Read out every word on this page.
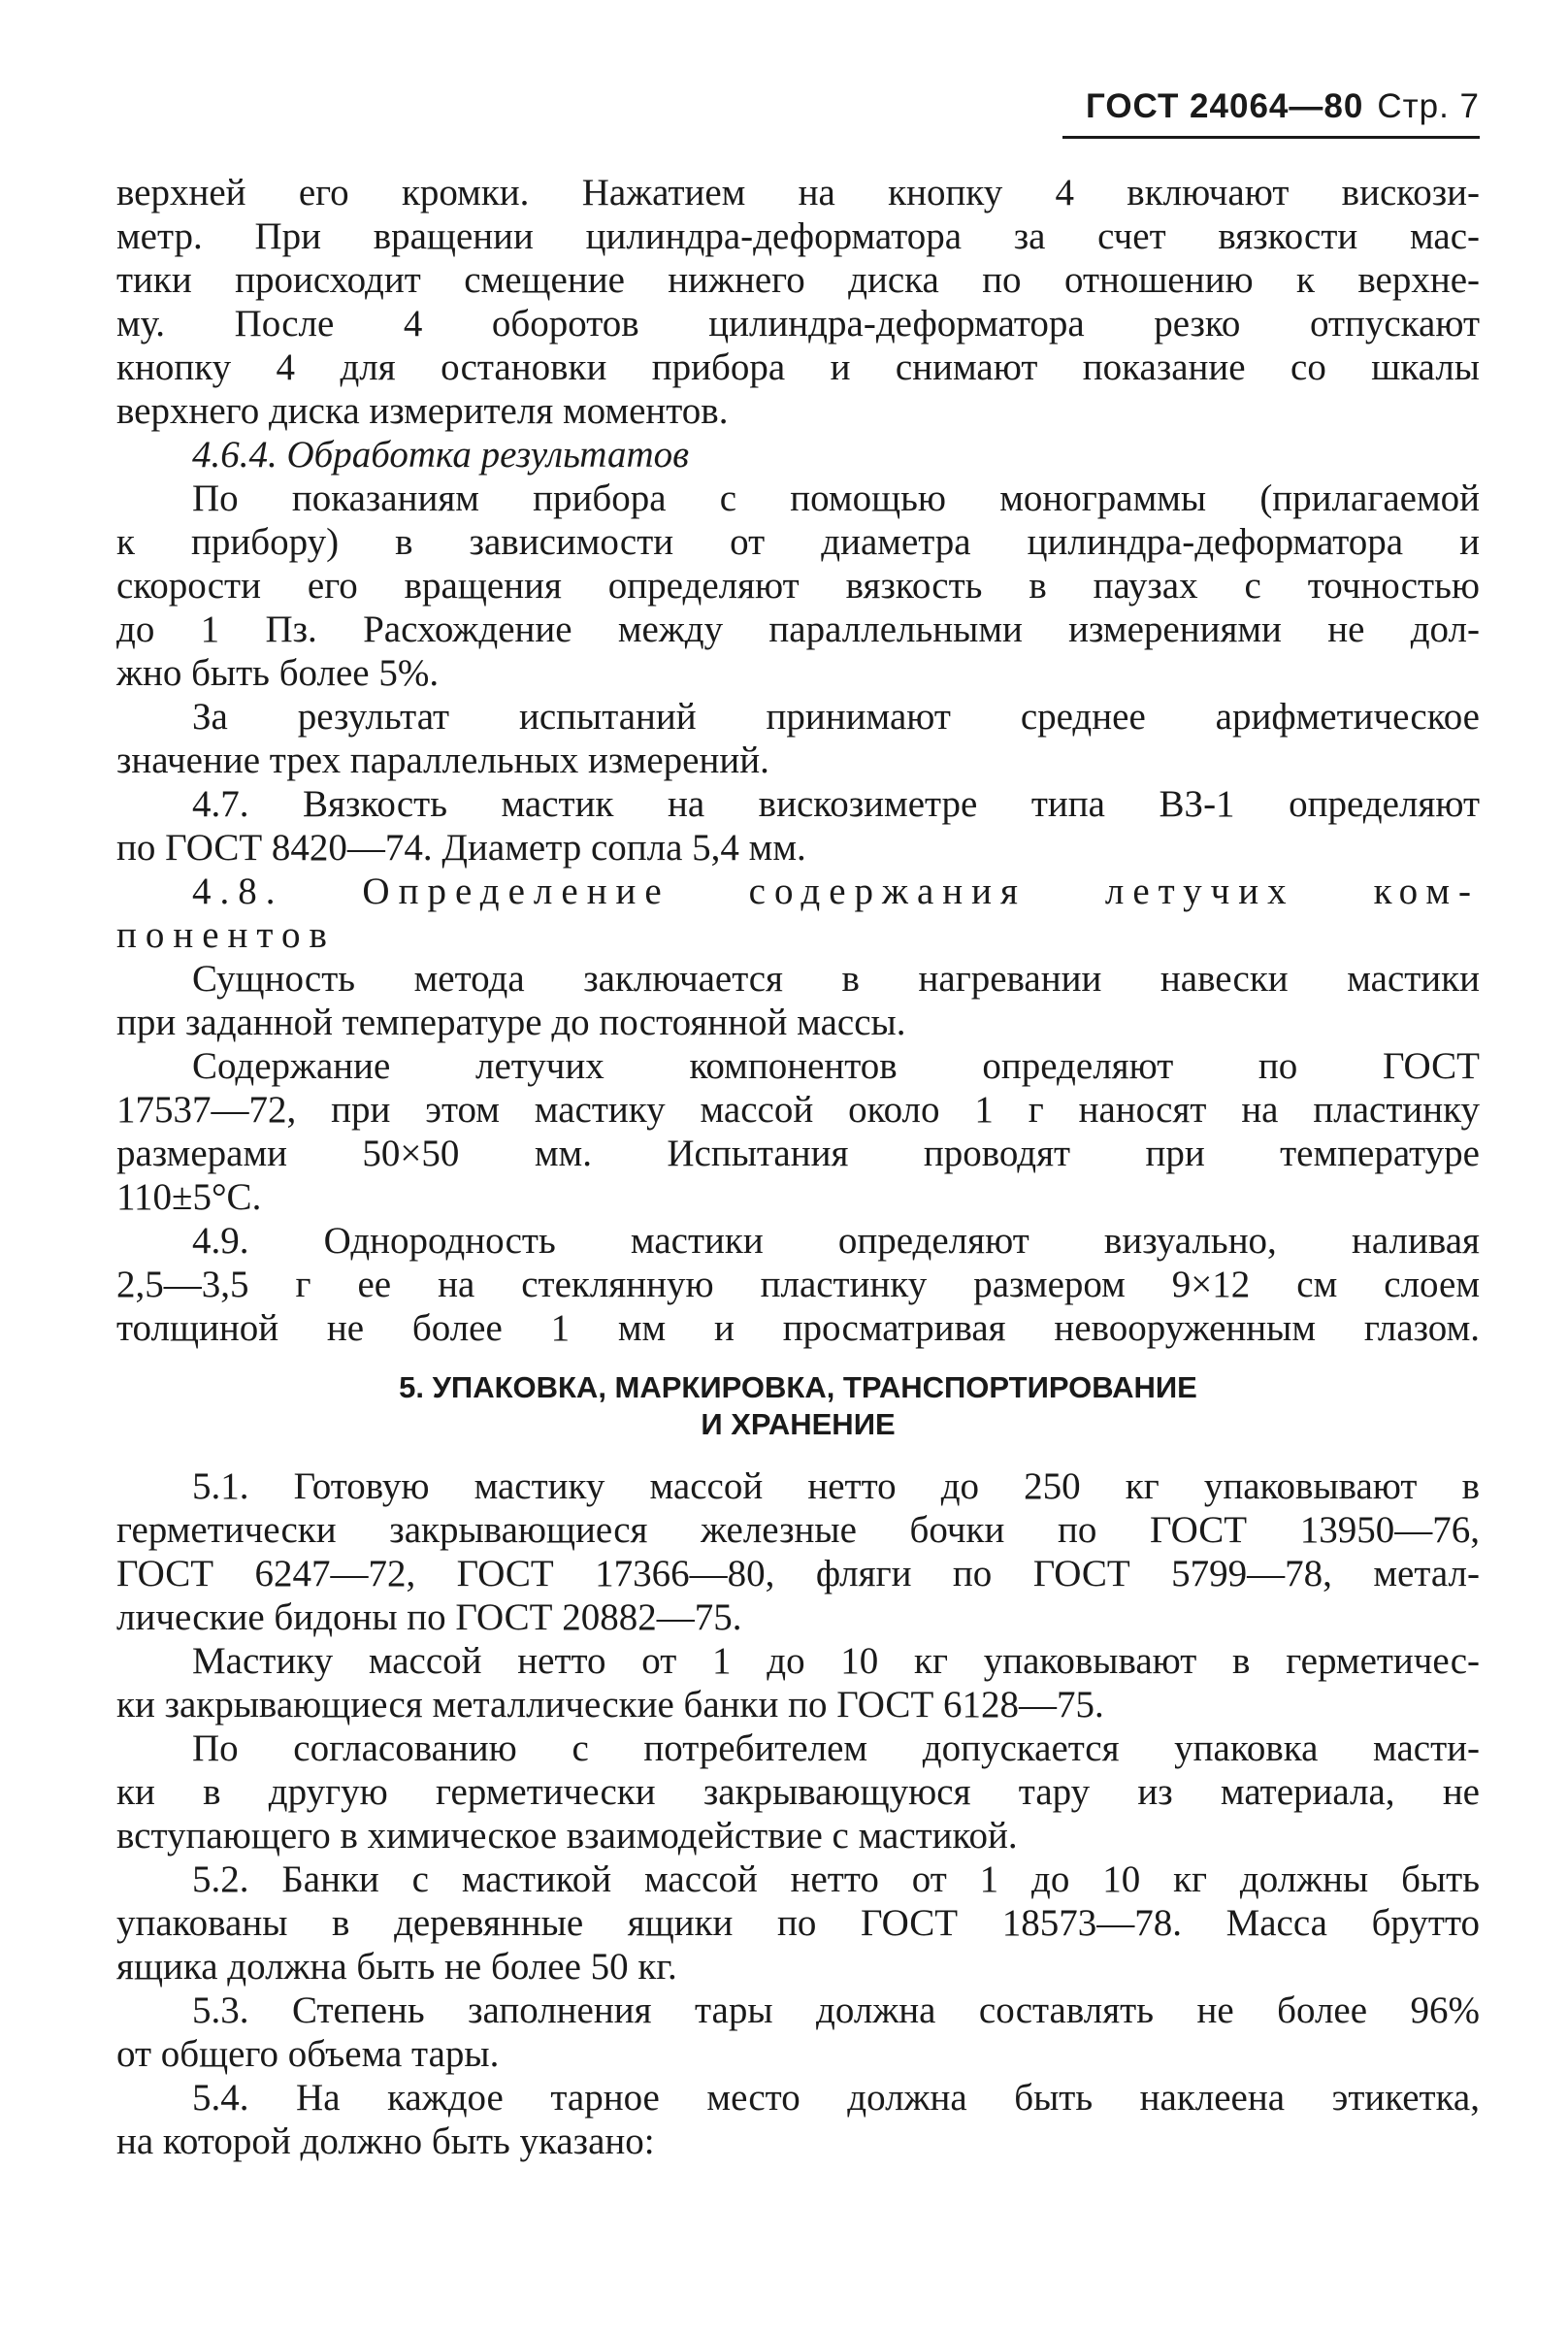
ГОСТ 24064—80 Стр. 7

верхней его кромки. Нажатием на кнопку 4 включают вискози-

метр. При вращении цилиндра-деформатора за счет вязкости мас-

тики происходит смещение нижнего диска по отношению к верхне-

му. После 4 оборотов цилиндра-деформатора резко отпускают

кнопку 4 для остановки прибора и снимают показание со шкалы

верхнего диска измерителя моментов.

4.6.4. Обработка результатов

По показаниям прибора с помощью монограммы (прилагаемой

к прибору) в зависимости от диаметра цилиндра-деформатора и

скорости его вращения определяют вязкость в паузах с точностью

до 1 Пз. Расхождение между параллельными измерениями не дол-

жно быть более 5%.

За результат испытаний принимают среднее арифметическое

значение трех параллельных измерений.

4.7. Вязкость мастик на вискозиметре типа ВЗ-1 определяют

по ГОСТ 8420—74. Диаметр сопла 5,4 мм.

4.8. Определение содержания летучих ком-

понентов

Сущность метода заключается в нагревании навески мастики

при заданной температуре до постоянной массы.

Содержание летучих компонентов определяют по ГОСТ

17537—72, при этом мастику массой около 1 г наносят на пластинку

размерами 50×50 мм. Испытания проводят при температуре

110±5°С.

4.9. Однородность мастики определяют визуально, наливая

2,5—3,5 г ее на стеклянную пластинку размером 9×12 см слоем

толщиной не более 1 мм и просматривая невооруженным глазом.

5. УПАКОВКА, МАРКИРОВКА, ТРАНСПОРТИРОВАНИЕ
И ХРАНЕНИЕ

5.1. Готовую мастику массой нетто до 250 кг упаковывают в

герметически закрывающиеся железные бочки по ГОСТ 13950—76,

ГОСТ 6247—72, ГОСТ 17366—80, фляги по ГОСТ 5799—78, метал-

лические бидоны по ГОСТ 20882—75.

Мастику массой нетто от 1 до 10 кг упаковывают в герметичес-

ки закрывающиеся металлические банки по ГОСТ 6128—75.

По согласованию с потребителем допускается упаковка масти-

ки в другую герметически закрывающуюся тару из материала, не

вступающего в химическое взаимодействие с мастикой.

5.2. Банки с мастикой массой нетто от 1 до 10 кг должны быть

упакованы в деревянные ящики по ГОСТ 18573—78. Масса брутто

ящика должна быть не более 50 кг.

5.3. Степень заполнения тары должна составлять не более 96%

от общего объема тары.

5.4. На каждое тарное место должна быть наклеена этикетка,

на которой должно быть указано:
